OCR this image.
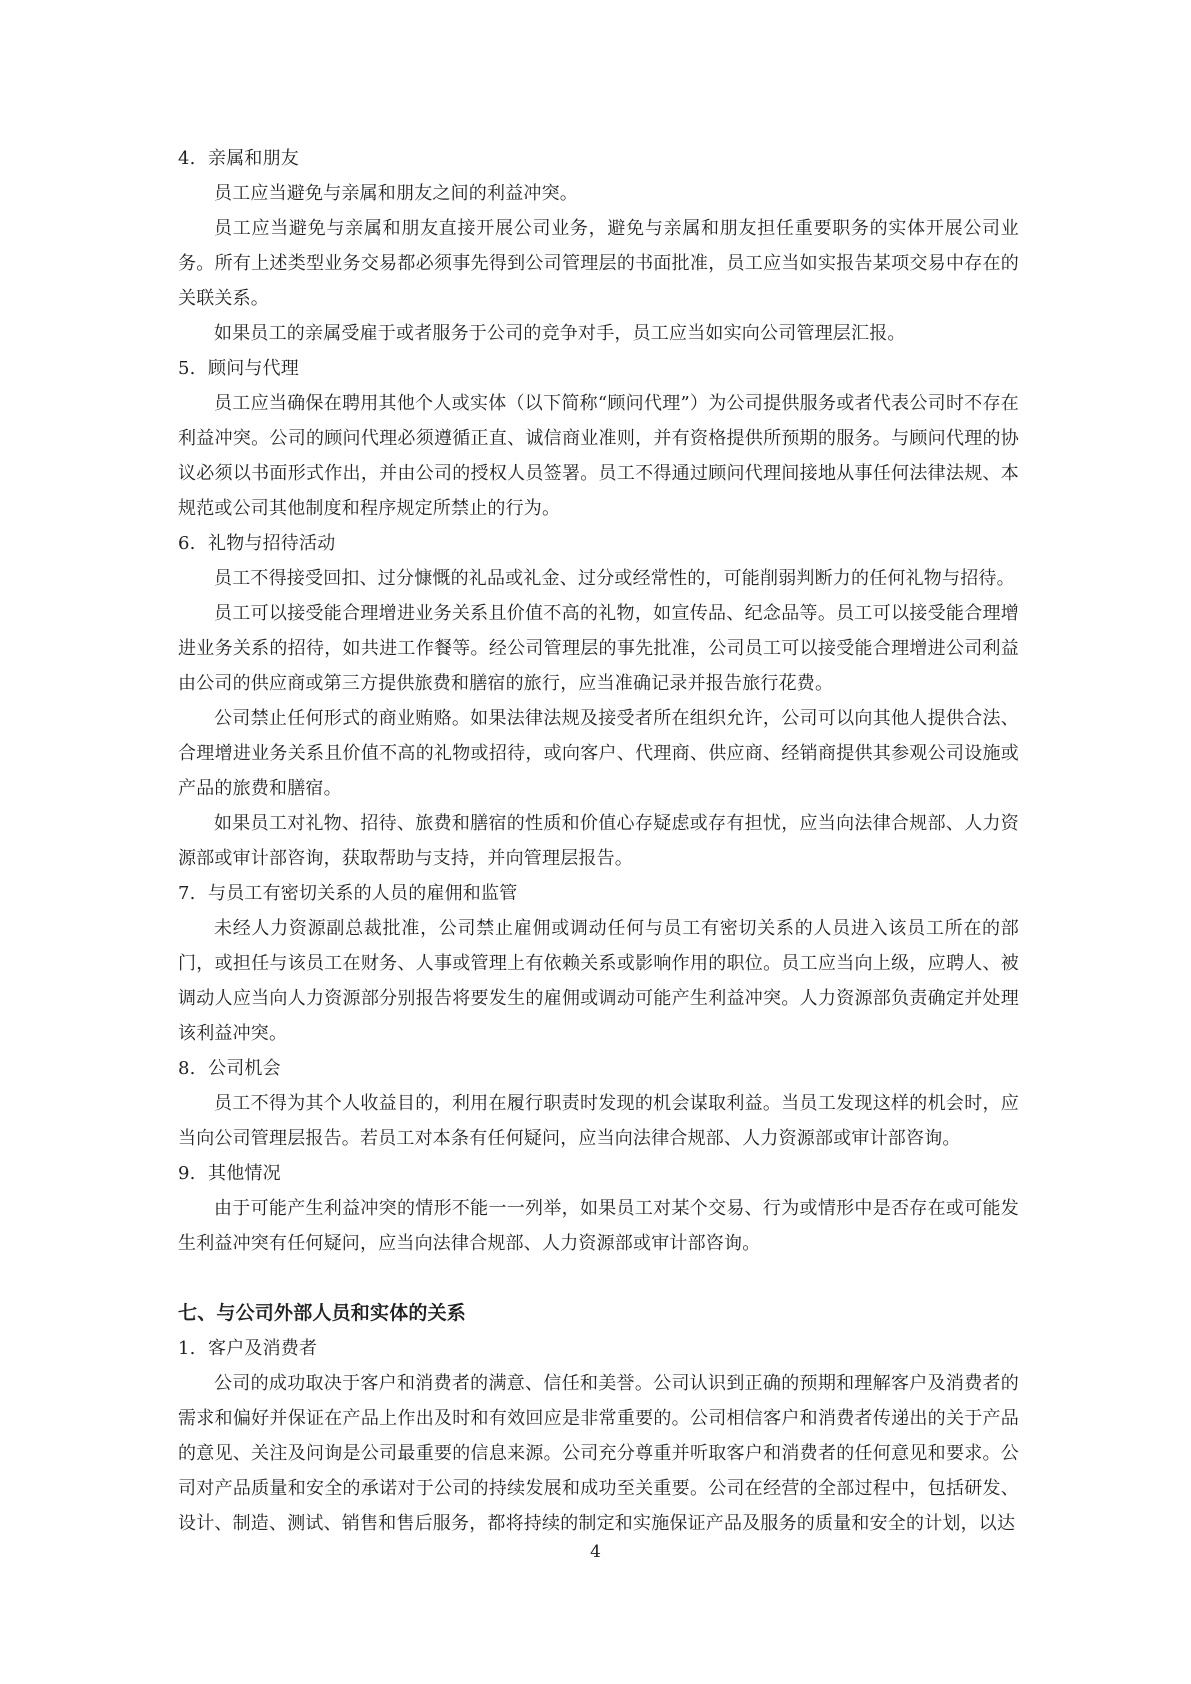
4. 亲属和朋友
员工应当避免与亲属和朋友之间的利益冲突。
员工应当避免与亲属和朋友直接开展公司业务，避免与亲属和朋友担任重要职务的实体开展公司业务。所有上述类型业务交易都必须事先得到公司管理层的书面批准，员工应当如实报告某项交易中存在的关联关系。
如果员工的亲属受雇于或者服务于公司的竞争对手，员工应当如实向公司管理层汇报。
5. 顾问与代理
员工应当确保在聘用其他个人或实体（以下简称“顾问代理”）为公司提供服务或者代表公司时不存在利益冲突。公司的顾问代理必须遵循正直、诚信商业准则，并有资格提供所预期的服务。与顾问代理的协议必须以书面形式作出，并由公司的授权人员签署。员工不得通过顾问代理间接地从事任何法律法规、本规范或公司其他制度和程序规定所禁止的行为。
6. 礼物与招待活动
员工不得接受回扣、过分慷慨的礼品或礼金、过分或经常性的，可能削弱判断力的任何礼物与招待。
员工可以接受能合理增进业务关系且价值不高的礼物，如宣传品、纪念品等。员工可以接受能合理增进业务关系的招待，如共进工作餐等。经公司管理层的事先批准，公司员工可以接受能合理增进公司利益由公司的供应商或第三方提供旅费和膳宿的旅行，应当准确记录并报告旅行花费。
公司禁止任何形式的商业贿赂。如果法律法规及接受者所在组织允许，公司可以向其他人提供合法、合理增进业务关系且价值不高的礼物或招待，或向客户、代理商、供应商、经销商提供其参观公司设施或产品的旅费和膳宿。
如果员工对礼物、招待、旅费和膳宿的性质和价值心存疑虑或存有担忧，应当向法律合规部、人力资源部或审计部咨询，获取帮助与支持，并向管理层报告。
7. 与员工有密切关系的人员的雇佣和监管
未经人力资源副总裁批准，公司禁止雇佣或调动任何与员工有密切关系的人员进入该员工所在的部门，或担任与该员工在财务、人事或管理上有依赖关系或影响作用的职位。员工应当向上级，应聘人、被调动人应当向人力资源部分别报告将要发生的雇佣或调动可能产生利益冲突。人力资源部负责确定并处理该利益冲突。
8. 公司机会
员工不得为其个人收益目的，利用在履行职责时发现的机会谋取利益。当员工发现这样的机会时，应当向公司管理层报告。若员工对本条有任何疑问，应当向法律合规部、人力资源部或审计部咨询。
9. 其他情况
由于可能产生利益冲突的情形不能一一列举，如果员工对某个交易、行为或情形中是否存在或可能发生利益冲突有任何疑问，应当向法律合规部、人力资源部或审计部咨询。
七、与公司外部人员和实体的关系
1. 客户及消费者
公司的成功取决于客户和消费者的满意、信任和美誉。公司认识到正确的预期和理解客户及消费者的需求和偏好并保证在产品上作出及时和有效回应是非常重要的。公司相信客户和消费者传递出的关于产品的意见、关注及问询是公司最重要的信息来源。公司充分尊重并听取客户和消费者的任何意见和要求。公司对产品质量和安全的承诺对于公司的持续发展和成功至关重要。公司在经营的全部过程中，包括研发、设计、制造、测试、销售和售后服务，都将持续的制定和实施保证产品及服务的质量和安全的计划，以达
4
